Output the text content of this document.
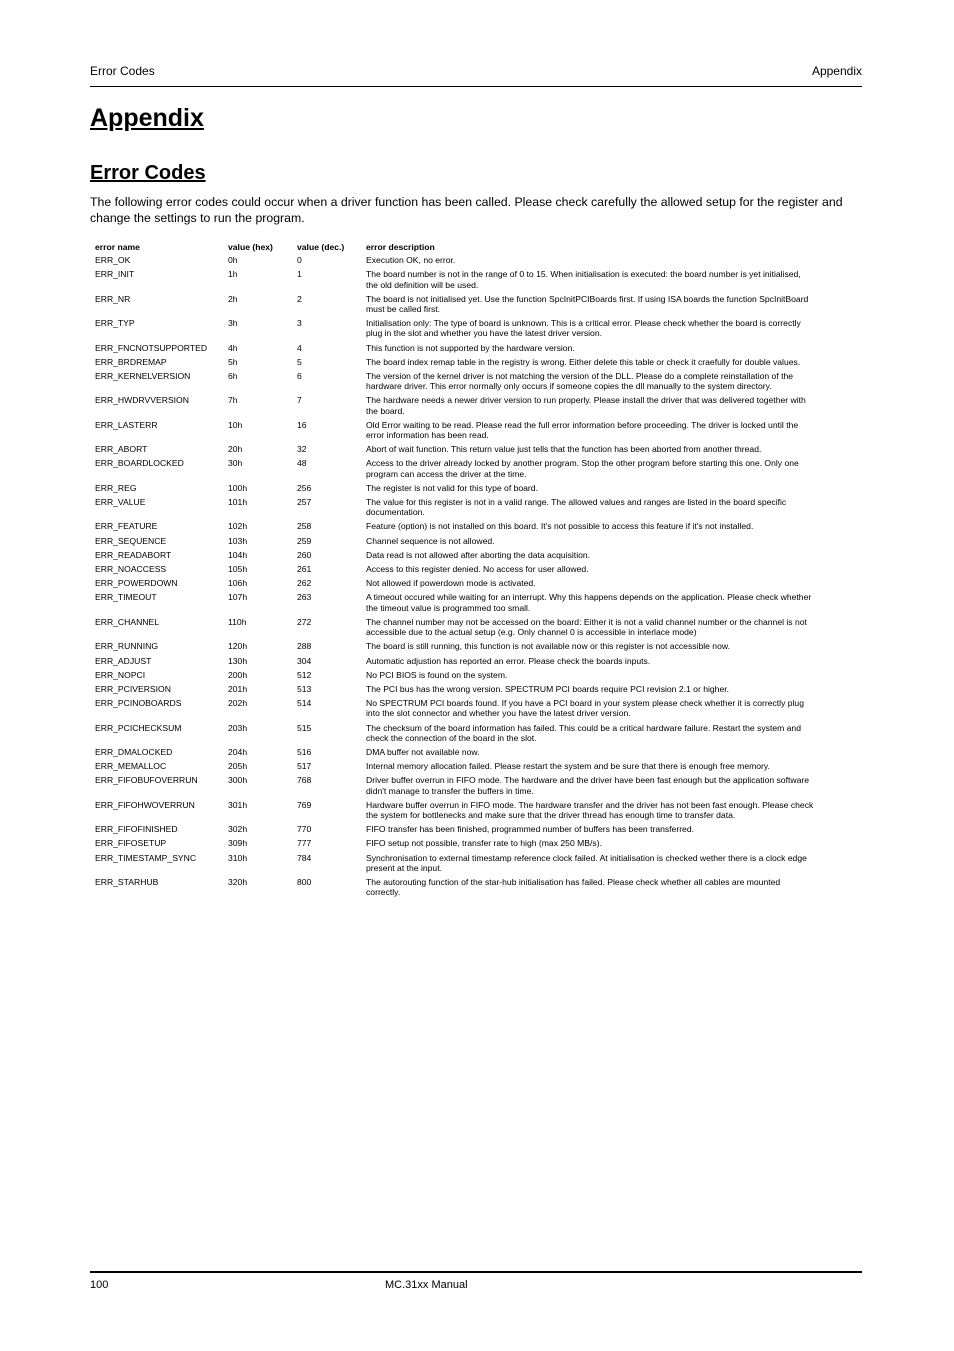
Error Codes	Appendix
Appendix
Error Codes

The following error codes could occur when a driver function has been called. Please check carefully the allowed setup for the register and change the settings to run the program.

error name	value (hex)	value (dec.)	error description
ERR_OK	0h	0	Execution OK, no error.
ERR_INIT	1h	1	The board number is not in the range of 0 to 15. When initialisation is executed: the board number is yet initialised, the old definition will be used.
ERR_NR	2h	2	The board is not initialised yet. Use the function SpcInitPCIBoards first. If using ISA boards the function SpcInitBoard must be called first.
ERR_TYP	3h	3	Initialisation only: The type of board is unknown. This is a critical error. Please check whether the board is correctly plug in the slot and whether you have the latest driver version.
ERR_FNCNOTSUPPORTED	4h	4	This function is not supported by the hardware version.
ERR_BRDREMAP	5h	5	The board index remap table in the registry is wrong. Either delete this table or check it craefully for double values.
ERR_KERNELVERSION	6h	6	The version of the kernel driver is not matching the version of the DLL. Please do a complete reinstallation of the hardware driver. This error normally only occurs if someone copies the dll manually to the system directory.
ERR_HWDRVVERSION	7h	7	The hardware needs a newer driver version to run properly. Please install the driver that was delivered together with the board.
ERR_LASTERR	10h	16	Old Error waiting to be read. Please read the full error information before proceeding. The driver is locked until the error information has been read.
ERR_ABORT	20h	32	Abort of wait function. This return value just tells that the function has been aborted from another thread.
ERR_BOARDLOCKED	30h	48	Access to the driver already locked by another program. Stop the other program before starting this one. Only one program can access the driver at the time.
ERR_REG	100h	256	The register is not valid for this type of board.
ERR_VALUE	101h	257	The value for this register is not in a valid range. The allowed values and ranges are listed in the board specific documentation.
ERR_FEATURE	102h	258	Feature (option) is not installed on this board. It's not possible to access this feature if it's not installed.
ERR_SEQUENCE	103h	259	Channel sequence is not allowed.
ERR_READABORT	104h	260	Data read is not allowed after aborting the data acquisition.
ERR_NOACCESS	105h	261	Access to this register denied. No access for user allowed.
ERR_POWERDOWN	106h	262	Not allowed if powerdown mode is activated.
ERR_TIMEOUT	107h	263	A timeout occured while waiting for an interrupt. Why this happens depends on the application. Please check whether the timeout value is programmed too small.
ERR_CHANNEL	110h	272	The channel number may not be accessed on the board: Either it is not a valid channel number or the channel is not accessible due to the actual setup (e.g. Only channel 0 is accessible in interlace mode)
ERR_RUNNING	120h	288	The board is still running, this function is not available now or this register is not accessible now.
ERR_ADJUST	130h	304	Automatic adjustion has reported an error. Please check the boards inputs.
ERR_NOPCI	200h	512	No PCI BIOS is found on the system.
ERR_PCIVERSION	201h	513	The PCI bus has the wrong version. SPECTRUM PCI boards require PCI revision 2.1 or higher.
ERR_PCINOBOARDS	202h	514	No SPECTRUM PCI boards found. If you have a PCI board in your system please check whether it is correctly plug into the slot connector and whether you have the latest driver version.
ERR_PCICHECKSUM	203h	515	The checksum of the board information has failed. This could be a critical hardware failure. Restart the system and check the connection of the board in the slot.
ERR_DMALOCKED	204h	516	DMA buffer not available now.
ERR_MEMALLOC	205h	517	Internal memory allocation failed. Please restart the system and be sure that there is enough free memory.
ERR_FIFOBUFOVERRUN	300h	768	Driver buffer overrun in FIFO mode. The hardware and the driver have been fast enough but the application software didn't manage to transfer the buffers in time.
ERR_FIFOHWOVERRUN	301h	769	Hardware buffer overrun in FIFO mode. The hardware transfer and the driver has not been fast enough. Please check the system for bottlenecks and make sure that the driver thread has enough time to transfer data.
ERR_FIFOFINISHED	302h	770	FIFO transfer has been finished, programmed number of buffers has been transferred.
ERR_FIFOSETUP	309h	777	FIFO setup not possible, transfer rate to high (max 250 MB/s).
ERR_TIMESTAMP_SYNC	310h	784	Synchronisation to external timestamp reference clock failed. At initialisation is checked wether there is a clock edge present at the input.
ERR_STARHUB	320h	800	The autorouting function of the star-hub initialisation has failed. Please check whether all cables are mounted correctly.
100	MC.31xx Manual
